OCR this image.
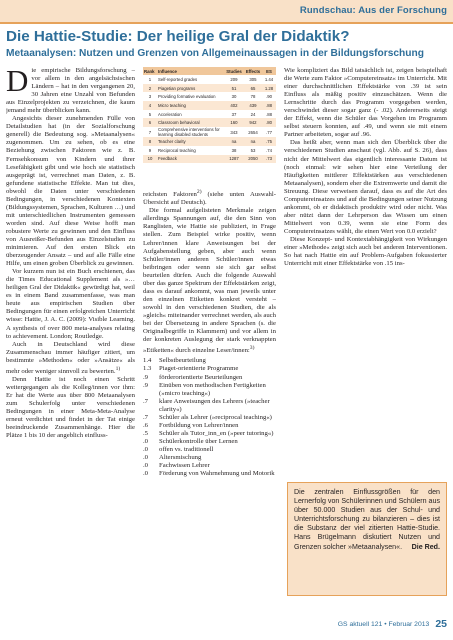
Rundschau: Aus der Forschung
Die Hattie-Studie: Der heilige Gral der Didaktik?
Metaanalysen: Nutzen und Grenzen von Allgemeinaussagen in der Bildungsforschung

Die empirische Bildungsforschung – vor allem in den angelsächsischen Ländern – hat in den vergangenen 20, 30 Jahren eine Unzahl von Befunden aus Einzelprojekten zu verzeichnen, die kaum jemand mehr überblicken kann.

Angesichts dieser zunehmenden Fülle von Detailstudien hat (in der Sozialforschung generell) die Bedeutung sog. »Metaanalysen« zugenommen. Um zu sehen, ob es eine Beziehung zwischen Faktoren wie z. B. Fernsehkonsum von Kindern und ihrer Lesefähigkeit gibt und wie hoch sie statistisch ausgeprägt ist, verrechnet man Daten, z. B. gefundene statistische Effekte. Man tut dies, obwohl die Daten unter verschiedenen Bedingungen, in verschiedenen Kontexten (Bildungssystemen, Sprachen, Kulturen …) und mit unterschiedlichen Instrumenten gemessen worden sind. Auf diese Weise hofft man robustere Werte zu gewinnen und den Einfluss von Ausreißer-Befunden aus Einzelstudien zu minimieren. Auf den ersten Blick ein überzeugender Ansatz – und auf alle Fälle eine Hilfe, um einen groben Überblick zu gewinnen.

Vor kurzem nun ist ein Buch erschienen, das die Times Educational Supplement als »… heiligen Gral der Didaktik« gewürdigt hat, weil es in einem Band zusammenfasse, was man heute aus empirischen Studien über Bedingungen für einen erfolgreichen Unterricht wisse: Hattie, J. A. C. (2009): Visible Learning. A synthesis of over 800 meta-analyses relating to achievement. London; Routledge.

Auch in Deutschland wird diese Zusammenschau immer häufiger zitiert, um bestimmte »Methoden« oder »Ansätze« als mehr oder weniger sinnvoll zu bewerten.$^{1)}$

Denn Hattie ist noch einen Schritt weitergegangen als die Kolleg/innen vor ihm: Er hat die Werte aus über 800 Metaanalysen zum Schulerfolg unter verschiedenen Bedingungen in einer Meta-Meta-Analyse erneut verdichtet und findet in der Tat einige beeindruckende Zusammenhänge. Hier die Plätze 1 bis 10 der angeblich einfluss-

Rank	Influence	Studies	Effects	ES
1	Self-reported grades	209	305	1.44
2	Piagetian programs	51	65	1.28
3	Providing formative evaluation	30	78	.90
4	Micro teaching	402	439	.88
5	Acceleration	37	24	.88
6	Classroom behavioral	160	942	.80
7	Comprehensive interventions for learning disabled students	343	2654	.77
8	Teacher clarity	na	na	.75
9	Reciprocal teaching	38	53	.74
10	Feedback	1287	2050	.73

reichsten Faktoren$^{2)}$ (siehe unten Auswahl-Übersicht auf Deutsch).

Die formal aufgelisteten Merkmale zeigen allerdings Spannungen auf, die den Sinn von Ranglisten, wie Hattie sie publiziert, in Frage stellen. Zum Beispiel wirke positiv, wenn Lehrer/innen klare Anweisungen bei der Aufgabenstellung geben, aber auch wenn Schüler/innen anderen Schüler/innen etwas beibringen oder wenn sie sich gar selbst beurteilen dürfen. Auch die folgende Auswahl über das ganze Spektrum der Effektstärken zeigt, dass es darauf ankommt, was man jeweils unter den einzelnen Etiketten konkret versteht – sowohl in den verschiedenen Studien, die als »gleich« miteinander verrechnet werden, als auch bei der Übersetzung in andere Sprachen (s. die Originalbegriffe in Klammern) und vor allem in der konkreten Auslegung der stark verknappten »Etiketten« durch einzelne Leser/innen:$^{3)}$

1.4	Selbstbeurteilung
1.3	Piaget-orientierte Programme
.9	förderorientierte Beurteilungen
.9	Einüben von methodischen Fertigkeiten (»micro teaching«)
.7	klare Anweisungen des Lehrers (»teacher clarity«)
.7	Schüler als Lehrer (»reciprocal teaching«)
.6	Fortbildung von Lehrer/innen
.5	Schüler als Tutor_inn_en (»peer tutoring«)
.0	Schülerkontrolle über Lernen
.0	offen vs. traditionell
.0	Altersmischung
.0	Fachwissen Lehrer
.0	Förderung von Wahrnehmung und Motorik

Wie kompliziert das Bild tatsächlich ist, zeigen beispielhaft die Werte zum Faktor »Computereinsatz« im Unterricht. Mit einer durchschnittlichen Effektstärke von .39 ist sein Einfluss als mäßig positiv einzuschätzen. Wenn die Lernschritte durch das Programm vorgegeben werden, verschwindet dieser sogar ganz (- .02). Andererseits steigt der Effekt, wenn die Schüler das Vorgehen im Programm selbst steuern konnten, auf .49, und wenn sie mit einem Partner arbeiteten, sogar auf .96.

Das heißt aber, wenn man sich den Überblick über die verschiedenen Studien anschaut (vgl. Abb. auf S. 26), dass nicht der Mittelwert das eigentlich interessante Datum ist (noch einmal: wir sehen hier eine Verteilung der Häufigkeiten mittlerer Effektstärken aus verschiedenen Metaanalysen), sondern eher die Extremwerte und damit die Streuung. Diese verweisen darauf, dass es auf die Art des Computereinsatzes und auf die Bedingungen seiner Nutzung ankommt, ob er didaktisch produktiv wird oder nicht. Was aber nützt dann der Lehrperson das Wissen um einen Mittelwert von 0.39, wenn sie eine Form des Computereinsatzes wählt, die einen Wert von 0.0 erzielt?

Diese Konzept- und Kontextabhängigkeit von Wirkungen einer »Methode« zeigt sich auch bei anderen Interventionen. So hat nach Hattie ein auf Problem-Aufgaben fokussierter Unterricht mit einer Effektstärke von .15 ins-

Die zentralen Einflussgrößen für den Lernerfolg von Schülerinnen und Schülern aus über 50.000 Studien aus der Schul- und Unterrichtsforschung zu bilanzieren – dies ist die Substanz der viel zitierten Hattie-Studie. Hans Brügelmann diskutiert Nutzen und Grenzen solcher »Metaanalysen«. Die Red.
GS aktuell 121 • Februar 2013 25
